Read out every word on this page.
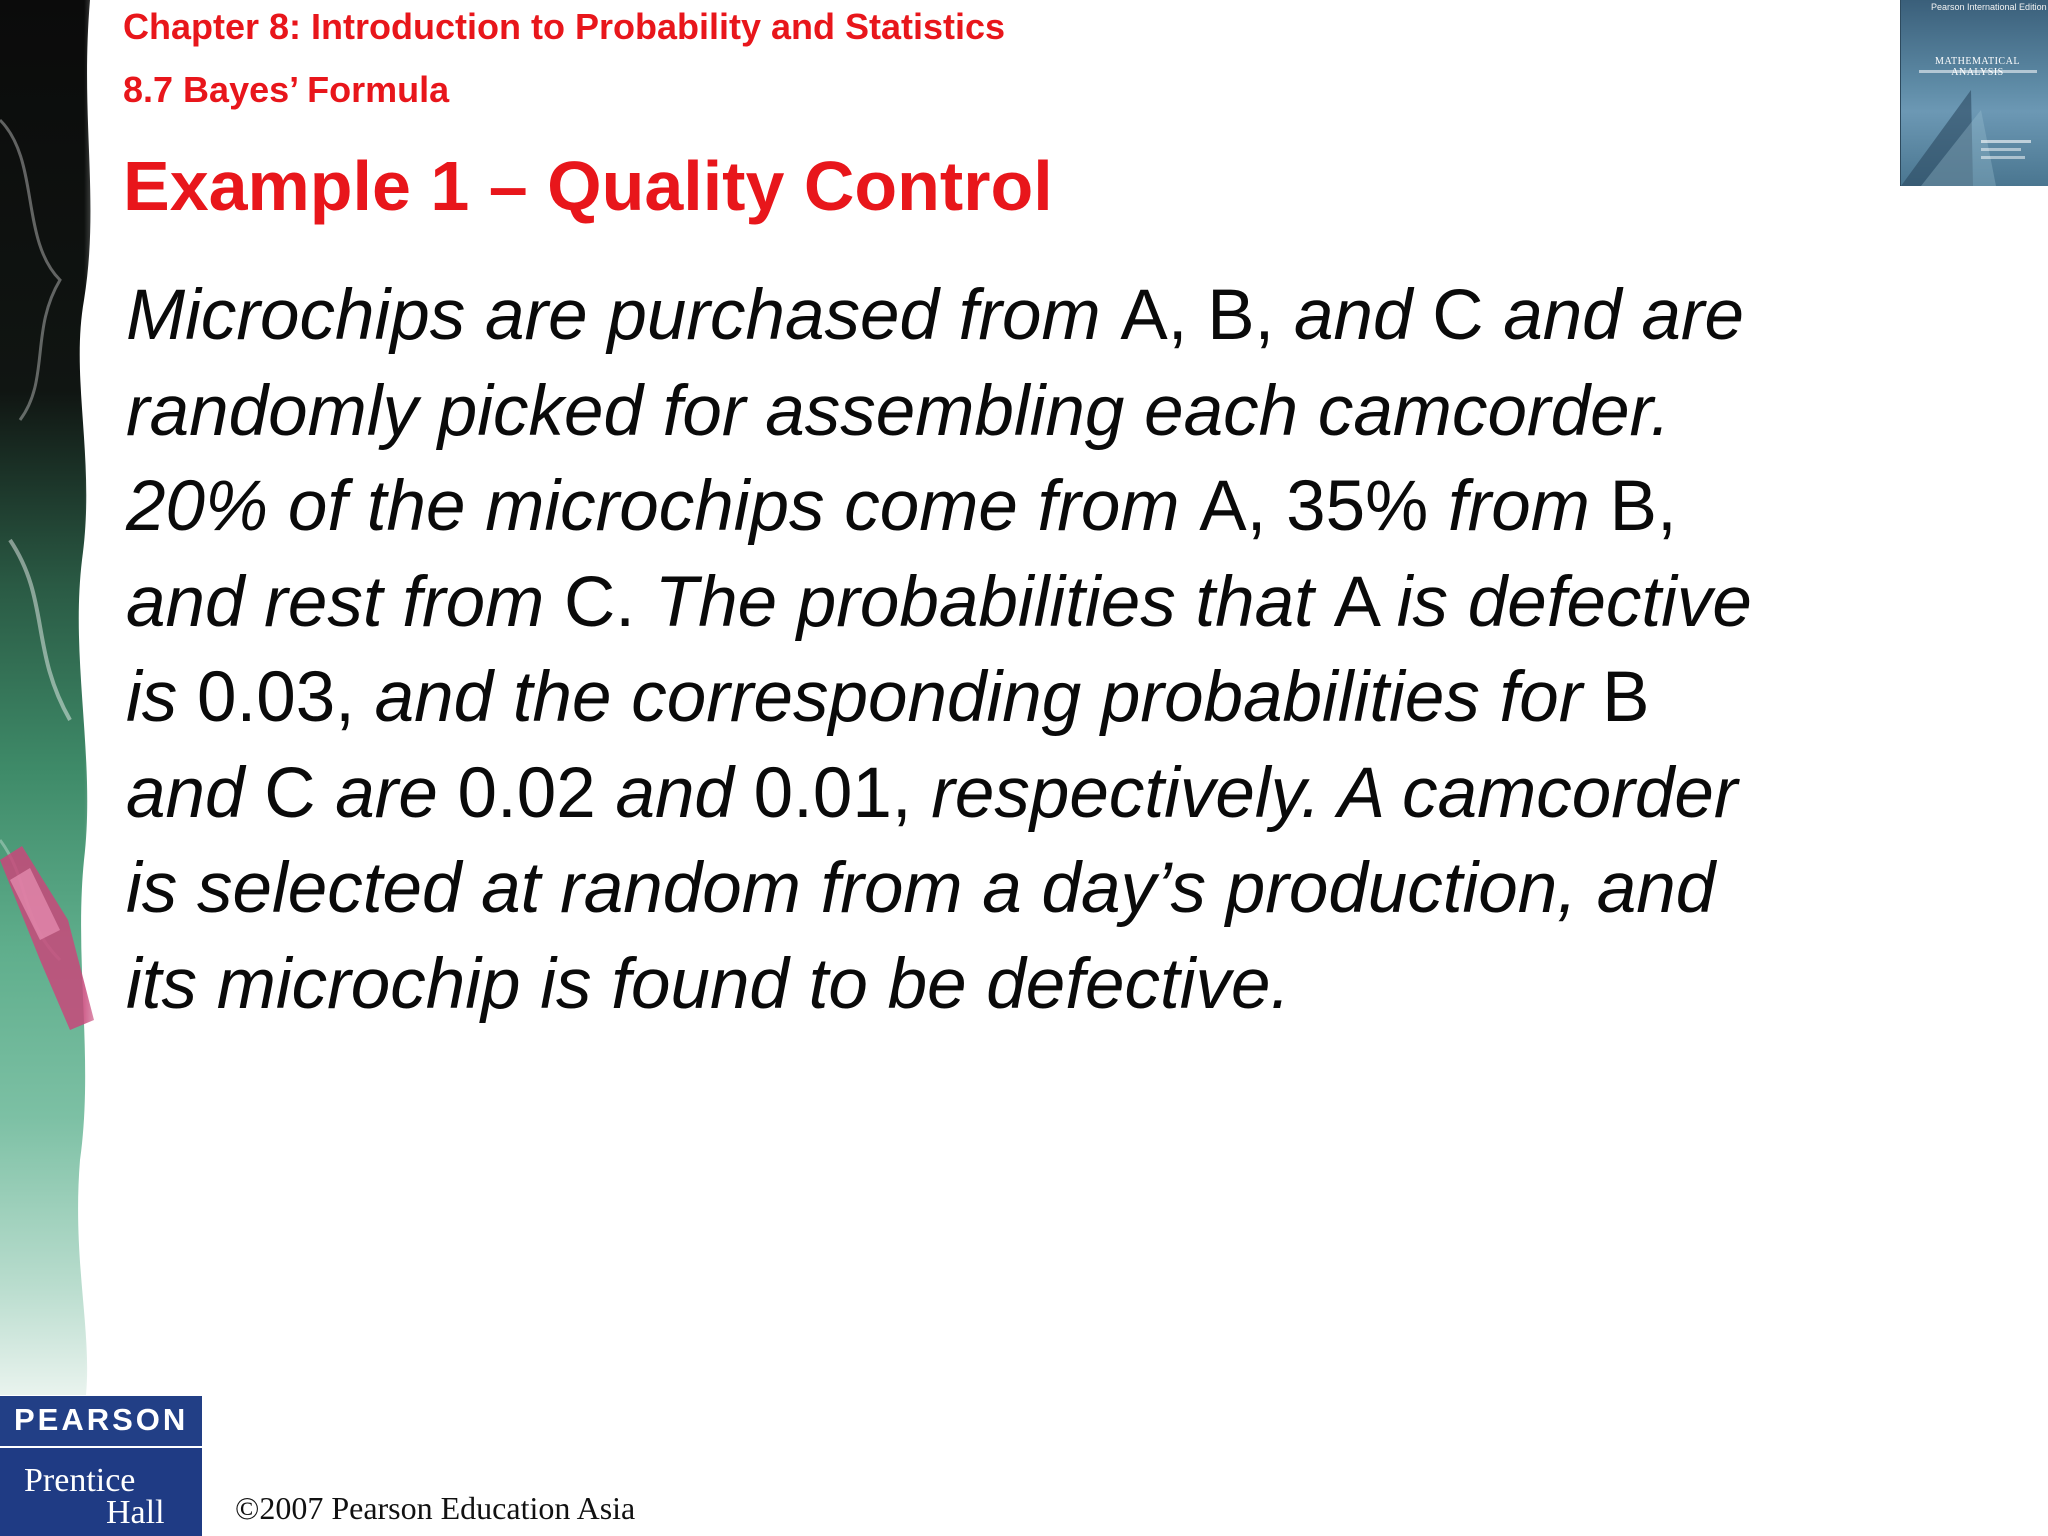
Pearson International Edition
MATHEMATICAL
Chapter 8: Introduction to Probability and Statistics
8.7 Bayes’ Formula
Example 1 – Quality Control
Microchips are purchased from A, B, and C and are
randomly picked for assembling each camcorder.
20% of the microchips come from A, 35% from B,
and rest from C. The probabilities that A is defective
is 0.03, and the corresponding probabilities for B
and C are 0.02 and 0.01, respectively. A camcorder
is selected at random from a day’s production, and
its microchip is found to be defective.
PEARSON
Prentice
Hall ©2007 Pearson Education Asia
